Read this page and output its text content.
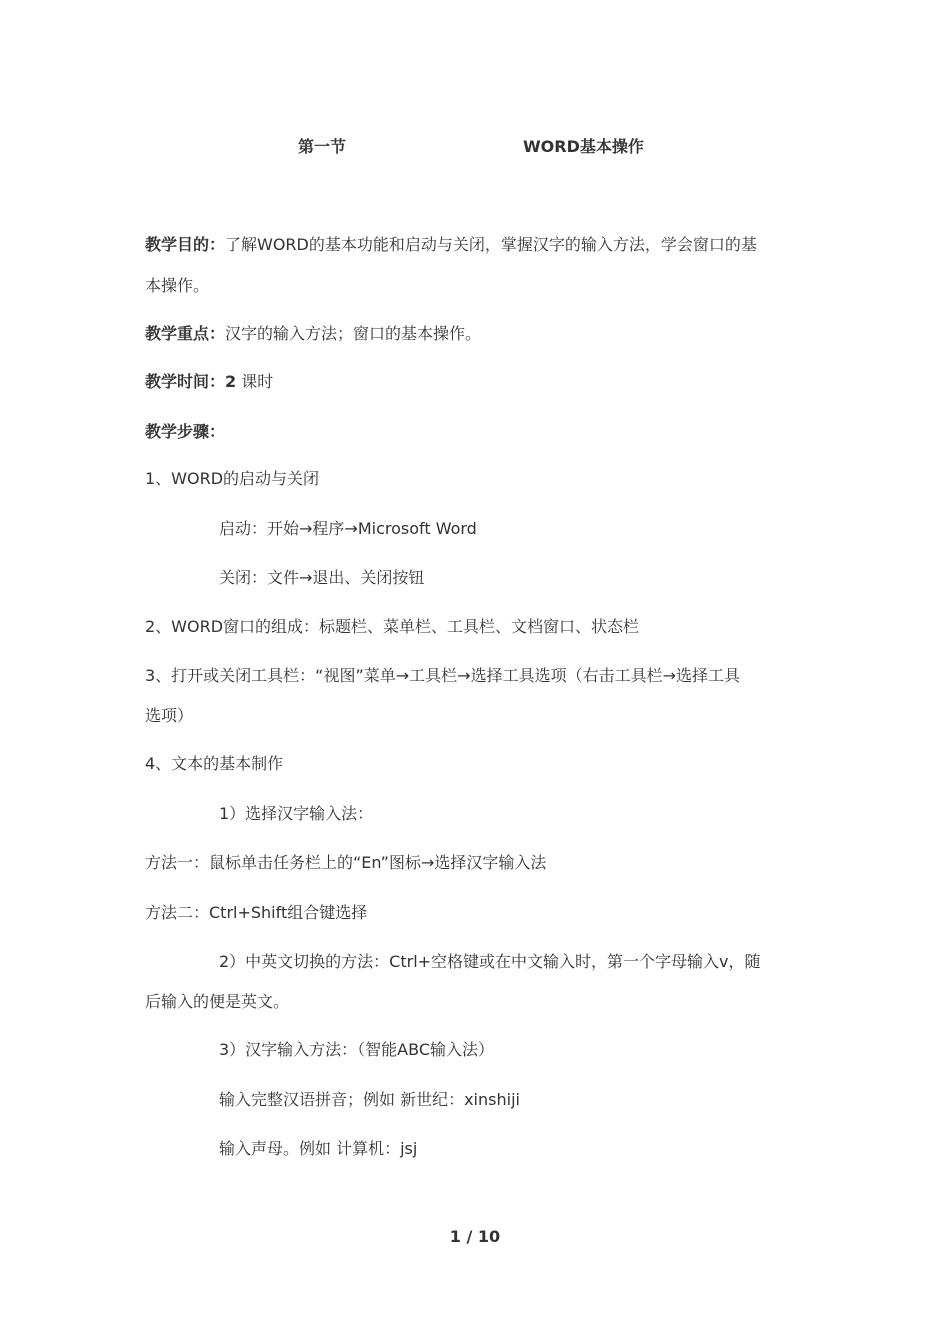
第一节	WORD基本操作
教学目的：了解WORD的基本功能和启动与关闭，掌握汉字的输入方法，学会窗口的基
本操作。
教学重点：汉字的输入方法；窗口的基本操作。
教学时间：2 课时
教学步骤：
1、WORD的启动与关闭
启动：开始→程序→Microsoft Word
关闭：文件→退出、关闭按钮
2、WORD窗口的组成：标题栏、菜单栏、工具栏、文档窗口、状态栏
3、打开或关闭工具栏：“视图”菜单→工具栏→选择工具选项（右击工具栏→选择工具
选项）
4、文本的基本制作
1）选择汉字输入法：
方法一：鼠标单击任务栏上的“En”图标→选择汉字输入法
方法二：Ctrl+Shift组合键选择
2）中英文切换的方法：Ctrl+空格键或在中文输入时，第一个字母输入v，随
后输入的便是英文。
3）汉字输入方法：（智能ABC输入法）
输入完整汉语拼音；例如 新世纪：xinshiji
输入声母。例如 计算机：jsj
1 / 10
